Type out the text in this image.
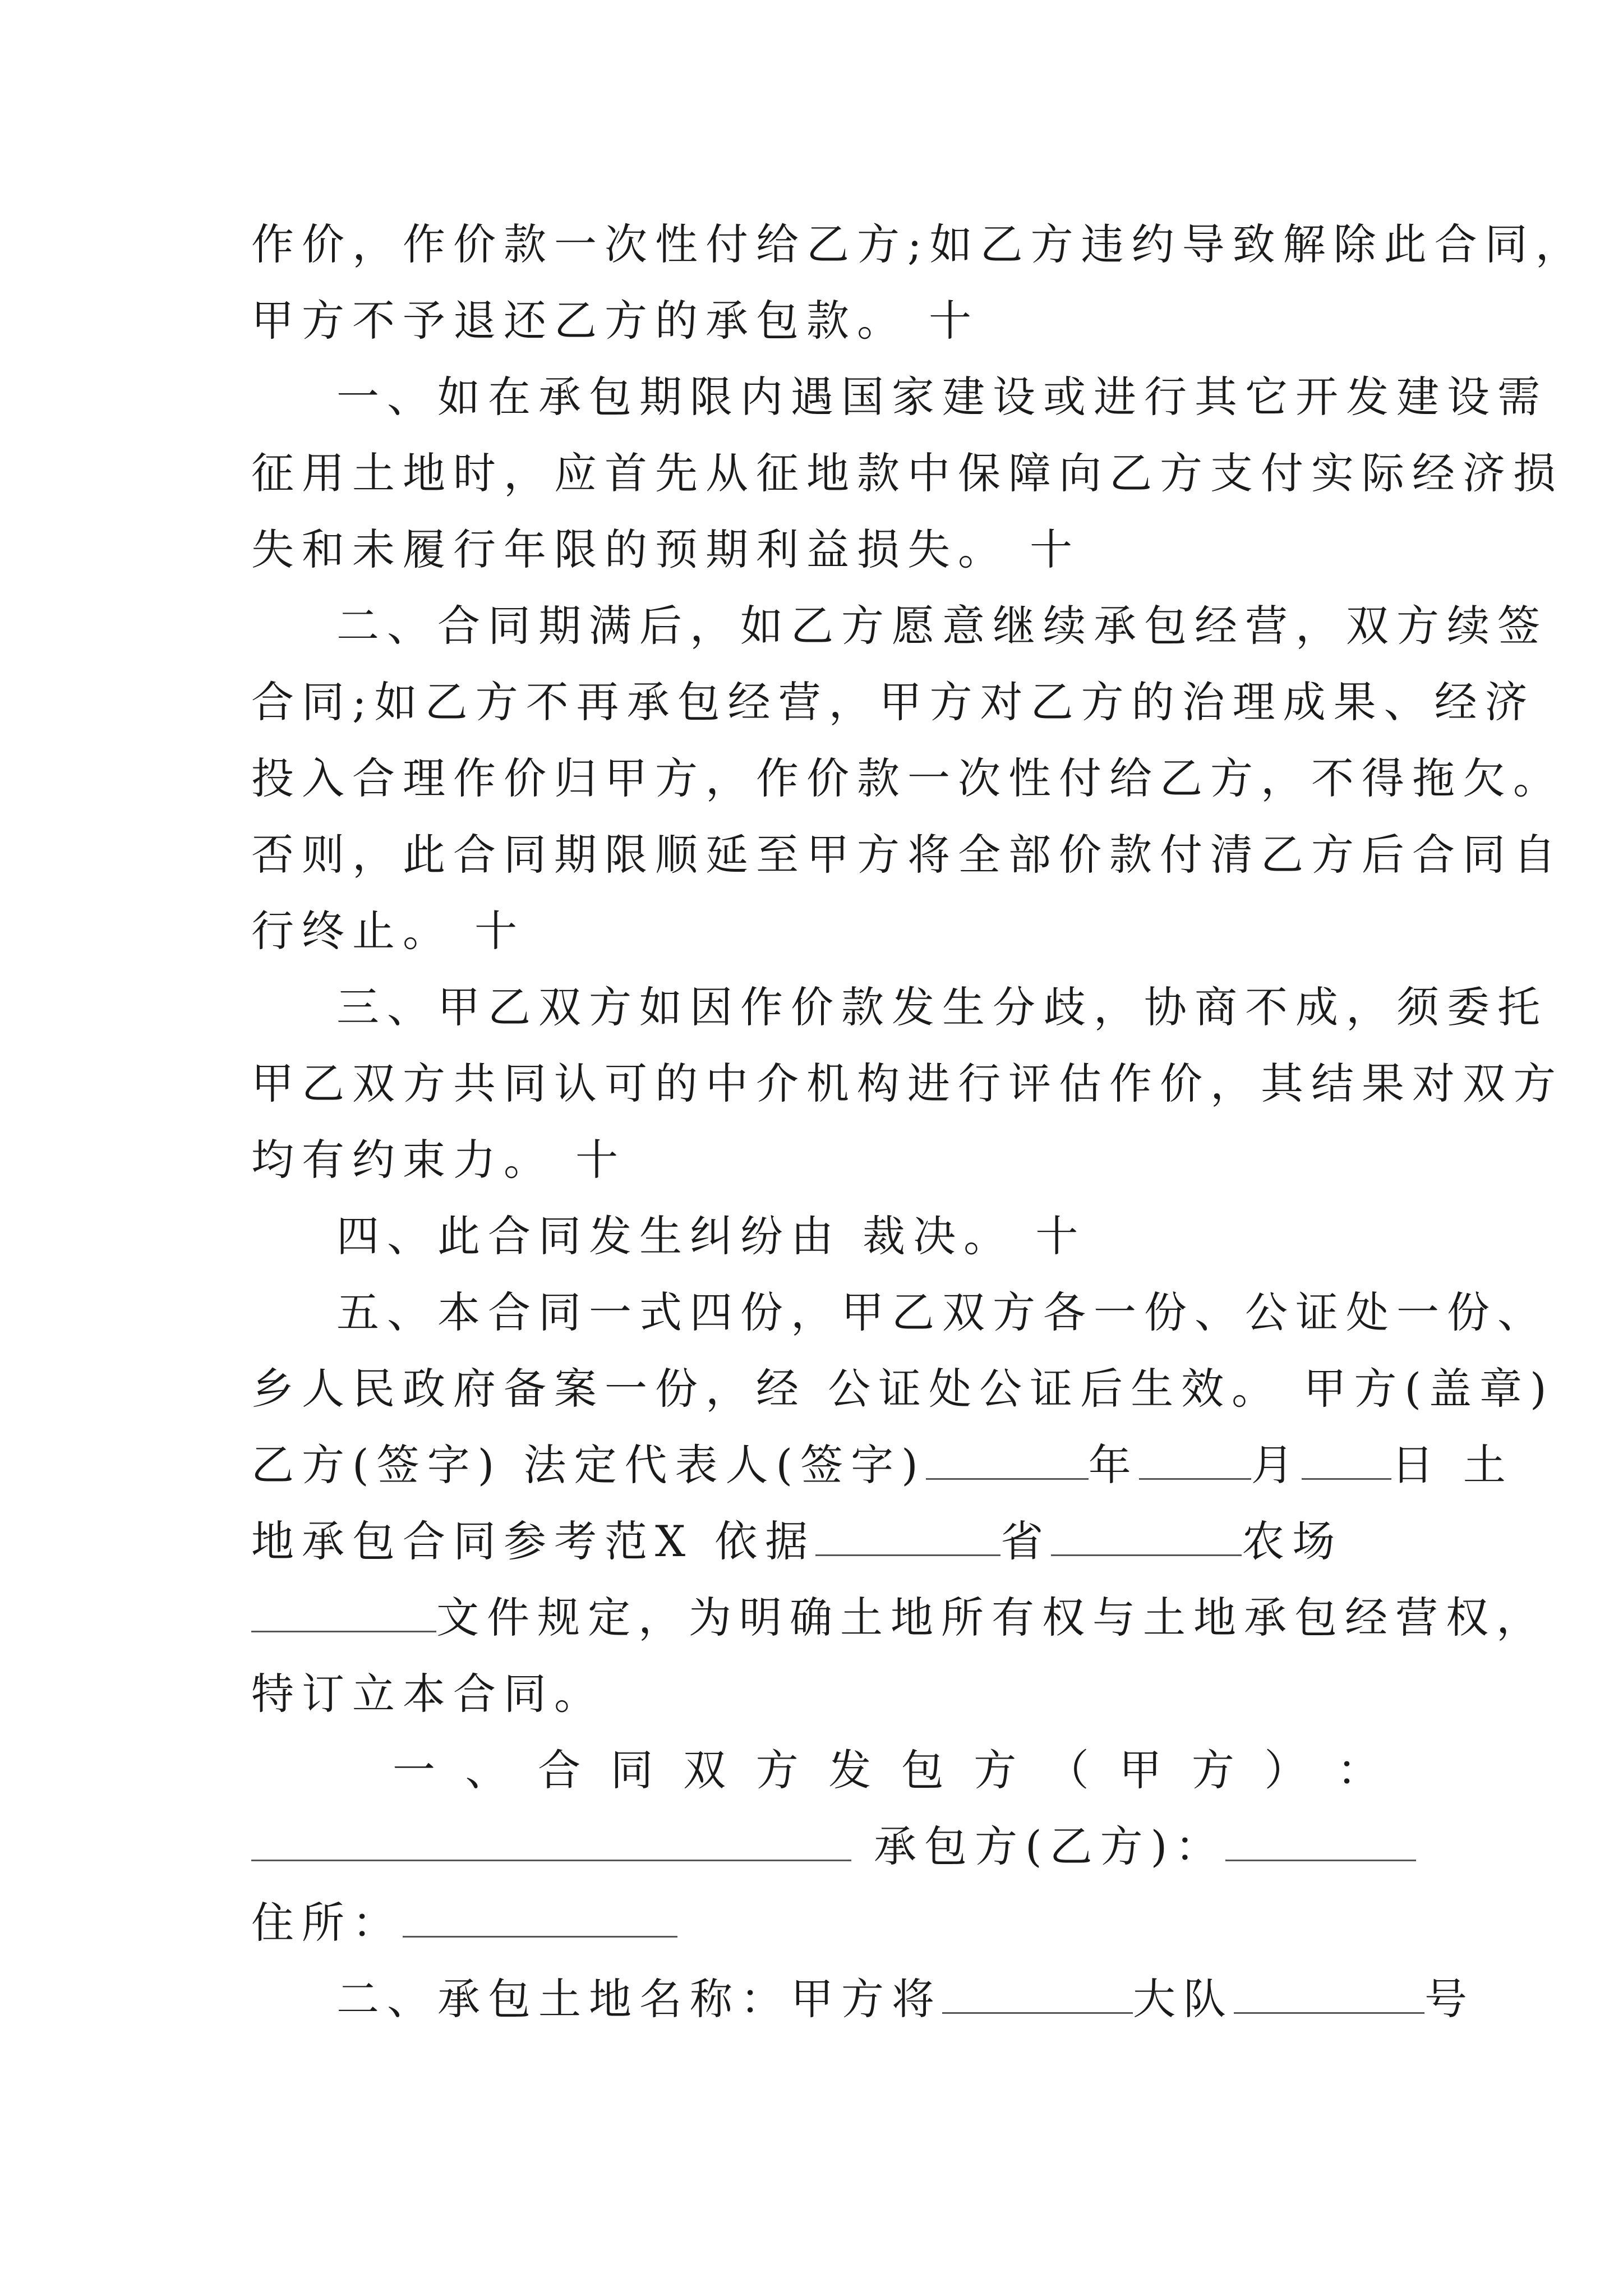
作价，作价款一次性付给乙方;如乙方违约导致解除此合同，
甲方不予退还乙方的承包款。 十
一、如在承包期限内遇国家建设或进行其它开发建设需
征用土地时，应首先从征地款中保障向乙方支付实际经济损
失和未履行年限的预期利益损失。 十
二、合同期满后，如乙方愿意继续承包经营，双方续签
合同;如乙方不再承包经营，甲方对乙方的治理成果、经济
投入合理作价归甲方，作价款一次性付给乙方，不得拖欠。
否则，此合同期限顺延至甲方将全部价款付清乙方后合同自
行终止。 十
三、甲乙双方如因作价款发生分歧，协商不成，须委托
甲乙双方共同认可的中介机构进行评估作价，其结果对双方
均有约束力。 十
四、此合同发生纠纷由 裁决。 十
五、本合同一式四份，甲乙双方各一份、公证处一份、
乡人民政府备案一份，经 公证处公证后生效。 甲方(盖章)
乙方(签字) 法定代表人(签字)	年	月 日 土
地承包合同参考范X 依据	省	农场
文件规定，为明确土地所有权与土地承包经营权，
特订立本合同。
一 、 合 同 双 方 发 包 方 （ 甲 方 ） ：
承包方(乙方)：
住所：
二、承包土地名称：甲方将	大队	号
